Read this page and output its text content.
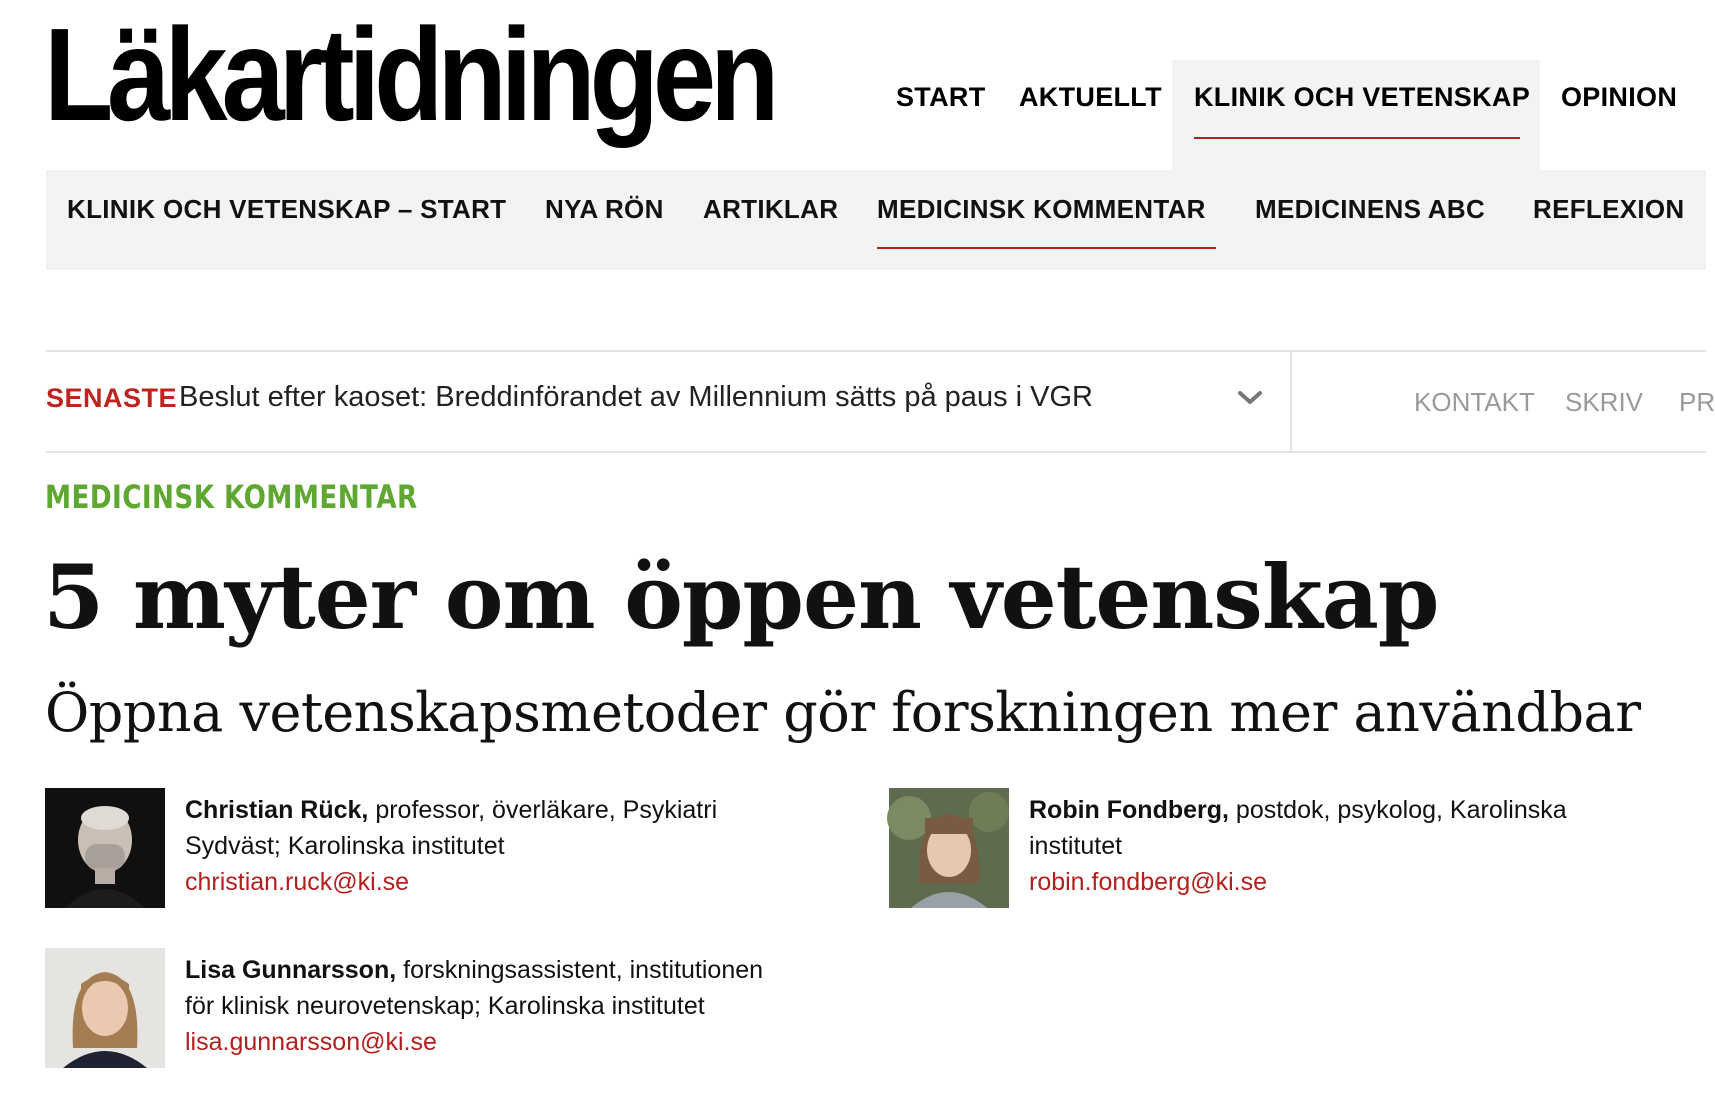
Läkartidningen	START AKTUELLT KLINIK OCH VETENSKAP OPINION
KLINIK OCH VETENSKAP – START NYA RÖN ARTIKLAR MEDICINSK KOMMENTAR MEDICINENS ABC REFLEXION
SENASTE Beslut efter kaoset: Breddinförandet av Millennium sätts på paus i VGR	KONTAKT SKRIV PR
MEDICINSK KOMMENTAR
5 myter om öppen vetenskap
Öppna vetenskapsmetoder gör forskningen mer användbar
Christian Rück, professor, överläkare, Psykiatri
Sydväst; Karolinska institutet
christian.ruck@ki.se
Robin Fondberg, postdok, psykolog, Karolinska
institutet
robin.fondberg@ki.se
Lisa Gunnarsson, forskningsassistent, institutionen
för klinisk neurovetenskap; Karolinska institutet
lisa.gunnarsson@ki.se
